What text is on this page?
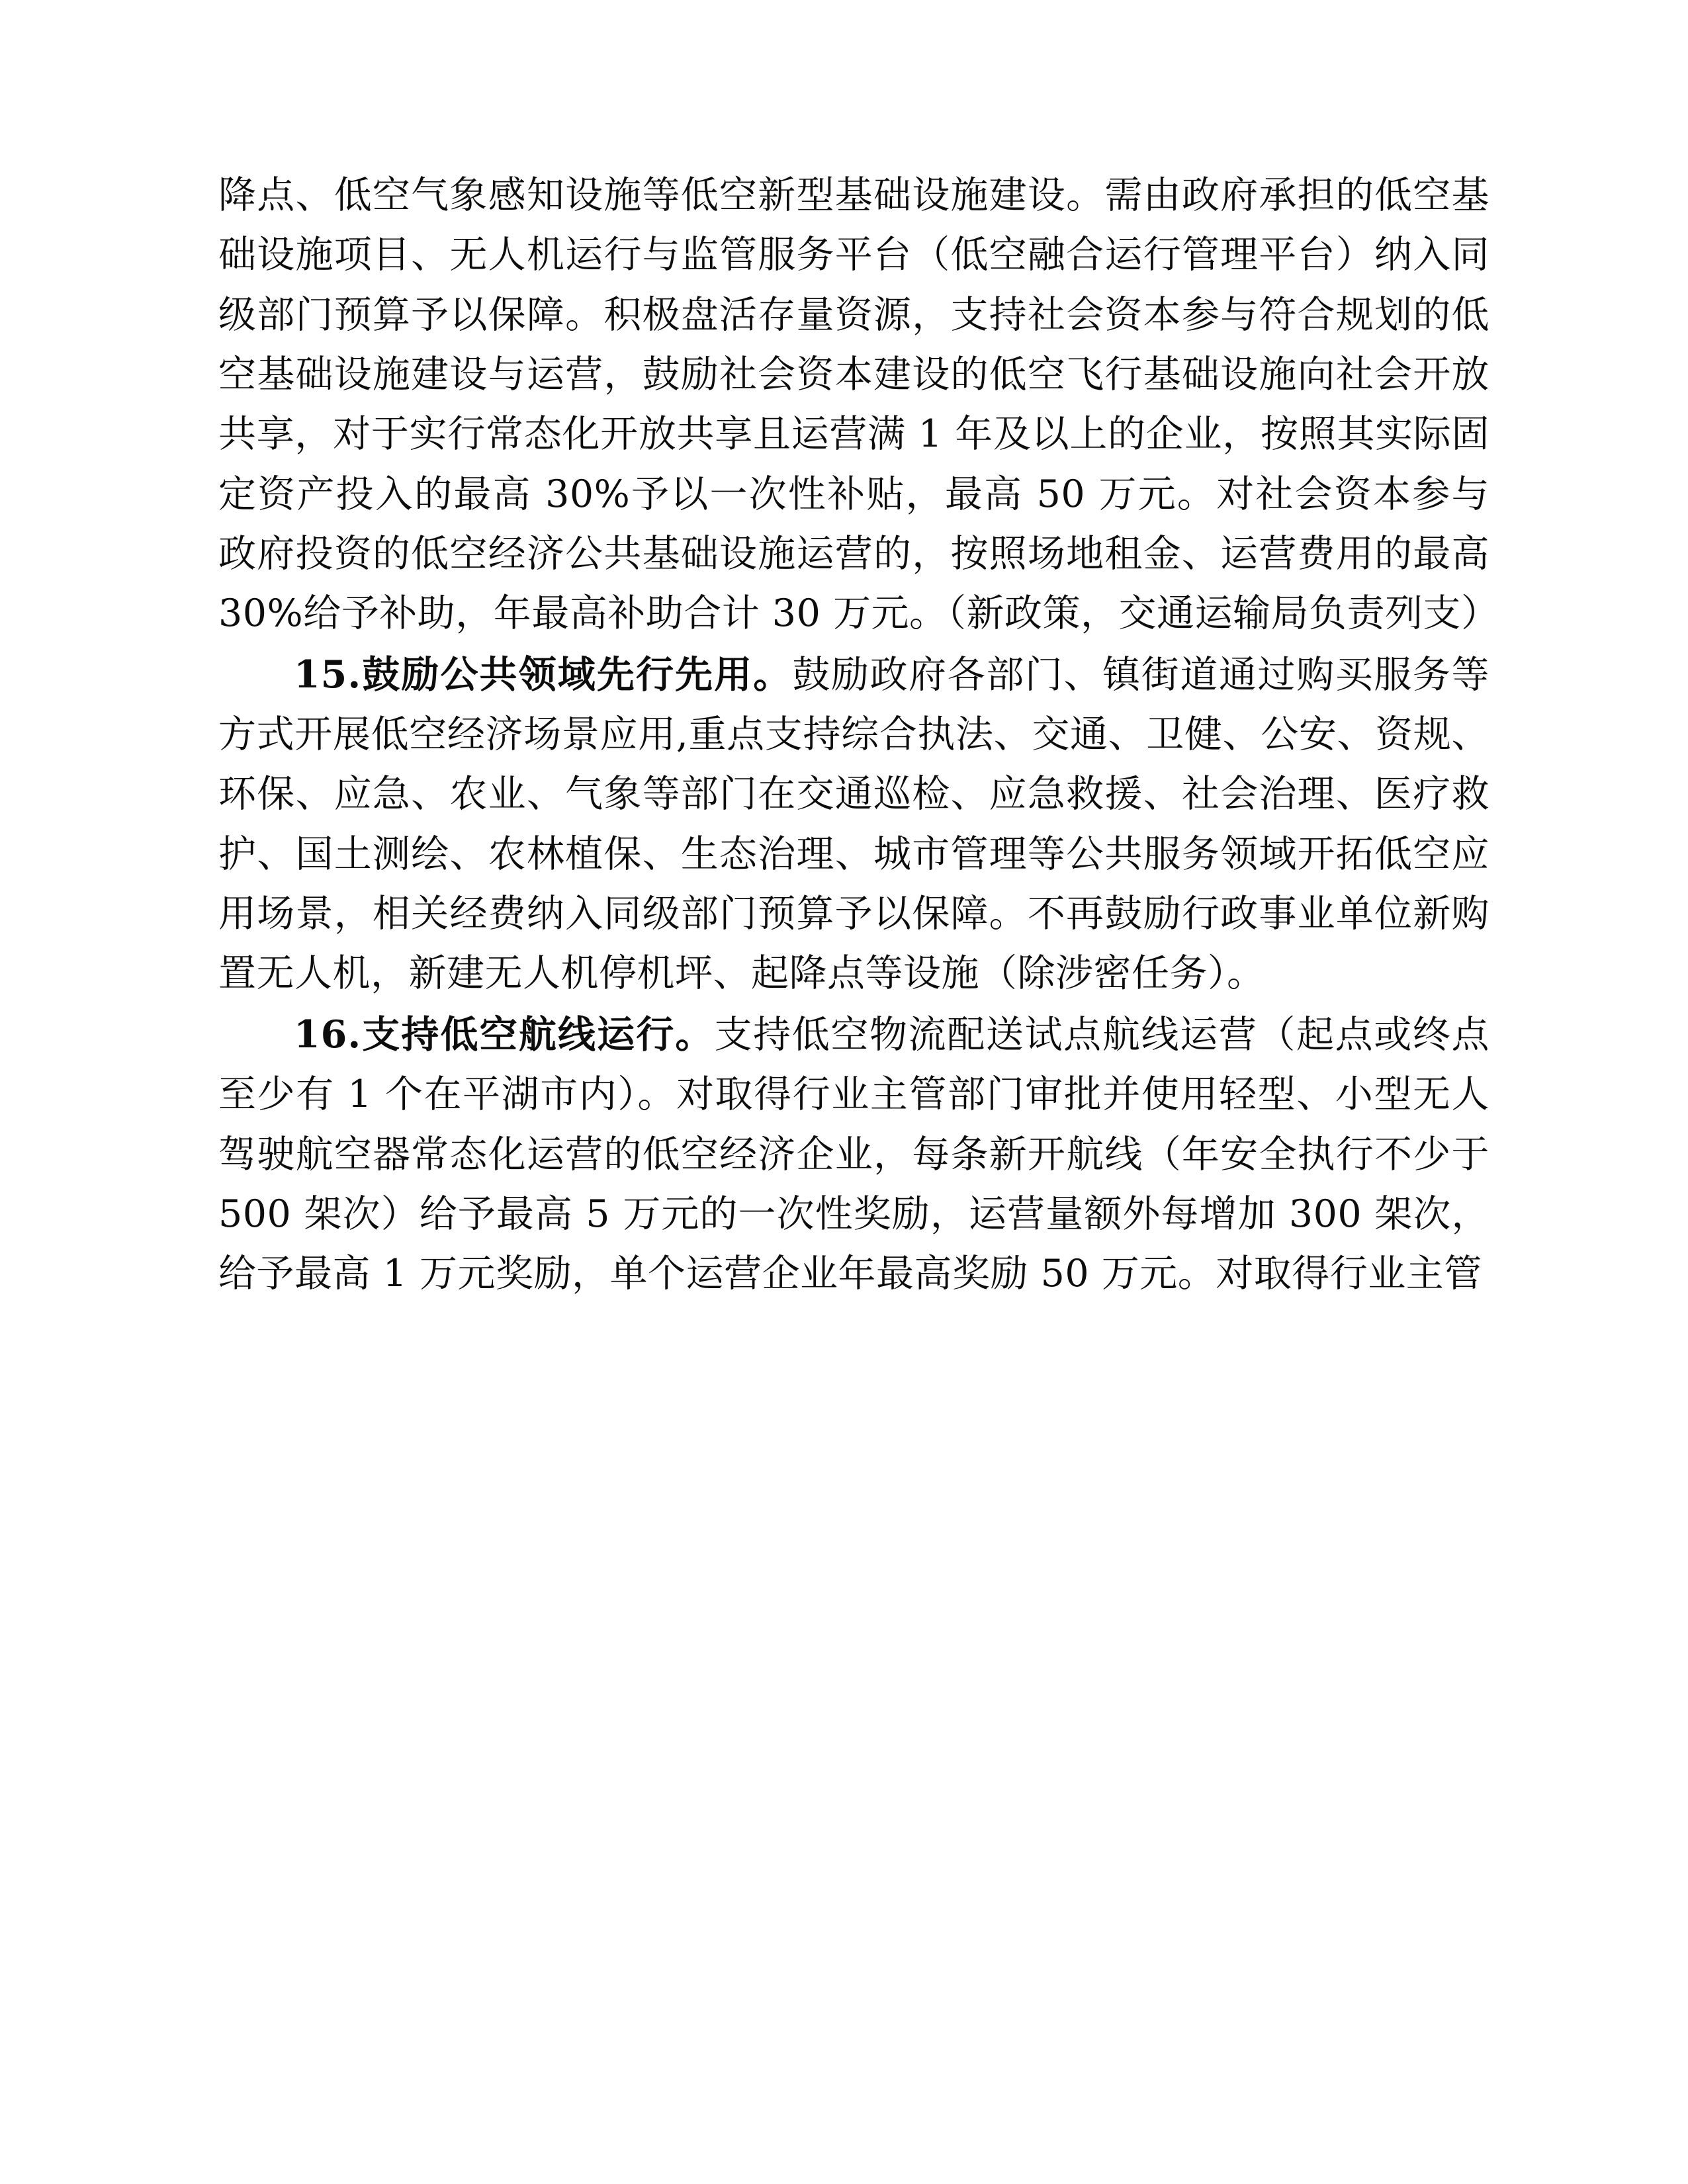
降点、低空气象感知设施等低空新型基础设施建设。需由政府承担的低空基础设施项目、无人机运行与监管服务平台（低空融合运行管理平台）纳入同级部门预算予以保障。积极盘活存量资源，支持社会资本参与符合规划的低空基础设施建设与运营，鼓励社会资本建设的低空飞行基础设施向社会开放共享，对于实行常态化开放共享且运营满 1 年及以上的企业，按照其实际固定资产投入的最高 30%予以一次性补贴，最高 50 万元。对社会资本参与政府投资的低空经济公共基础设施运营的，按照场地租金、运营费用的最高 30%给予补助，年最高补助合计 30 万元。（新政策，交通运输局负责列支）

15.鼓励公共领域先行先用。鼓励政府各部门、镇街道通过购买服务等方式开展低空经济场景应用,重点支持综合执法、交通、卫健、公安、资规、环保、应急、农业、气象等部门在交通巡检、应急救援、社会治理、医疗救护、国土测绘、农林植保、生态治理、城市管理等公共服务领域开拓低空应用场景，相关经费纳入同级部门预算予以保障。不再鼓励行政事业单位新购置无人机，新建无人机停机坪、起降点等设施（除涉密任务）。

16.支持低空航线运行。支持低空物流配送试点航线运营（起点或终点至少有 1 个在平湖市内）。对取得行业主管部门审批并使用轻型、小型无人驾驶航空器常态化运营的低空经济企业，每条新开航线（年安全执行不少于 500 架次）给予最高 5 万元的一次性奖励，运营量额外每增加 300 架次，给予最高 1 万元奖励，单个运营企业年最高奖励 50 万元。对取得行业主管
